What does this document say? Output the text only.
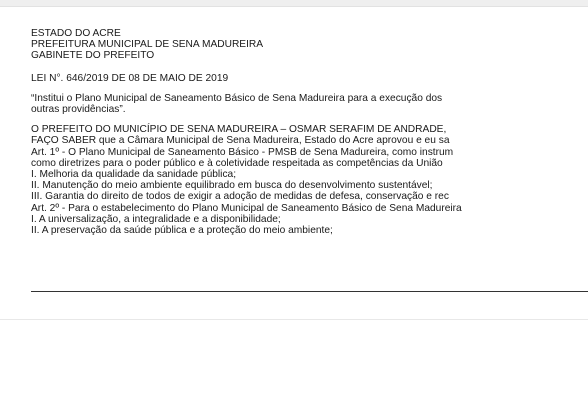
ESTADO DO ACRE

PREFEITURA MUNICIPAL DE SENA MADUREIRA

GABINETE DO PREFEITO

LEI N°. 646/2019 DE 08 DE MAIO DE 2019

“Institui o Plano Municipal de Saneamento Básico de Sena Madureira para a execução dos

outras providências”.

O PREFEITO DO MUNICÍPIO DE SENA MADUREIRA – OSMAR SERAFIM DE ANDRADE,

FAÇO SABER que a Câmara Municipal de Sena Madureira, Estado do Acre aprovou e eu sa

Art. 1º - O Plano Municipal de Saneamento Básico - PMSB de Sena Madureira, como instrum

como diretrizes para o poder público e à coletividade respeitada as competências da União

I. Melhoria da qualidade da sanidade pública;

II. Manutenção do meio ambiente equilibrado em busca do desenvolvimento sustentável;

III. Garantia do direito de todos de exigir a adoção de medidas de defesa, conservação e rec

Art. 2º - Para o estabelecimento do Plano Municipal de Saneamento Básico de Sena Madureira

I. A universalização, a integralidade e a disponibilidade;

II. A preservação da saúde pública e a proteção do meio ambiente;
